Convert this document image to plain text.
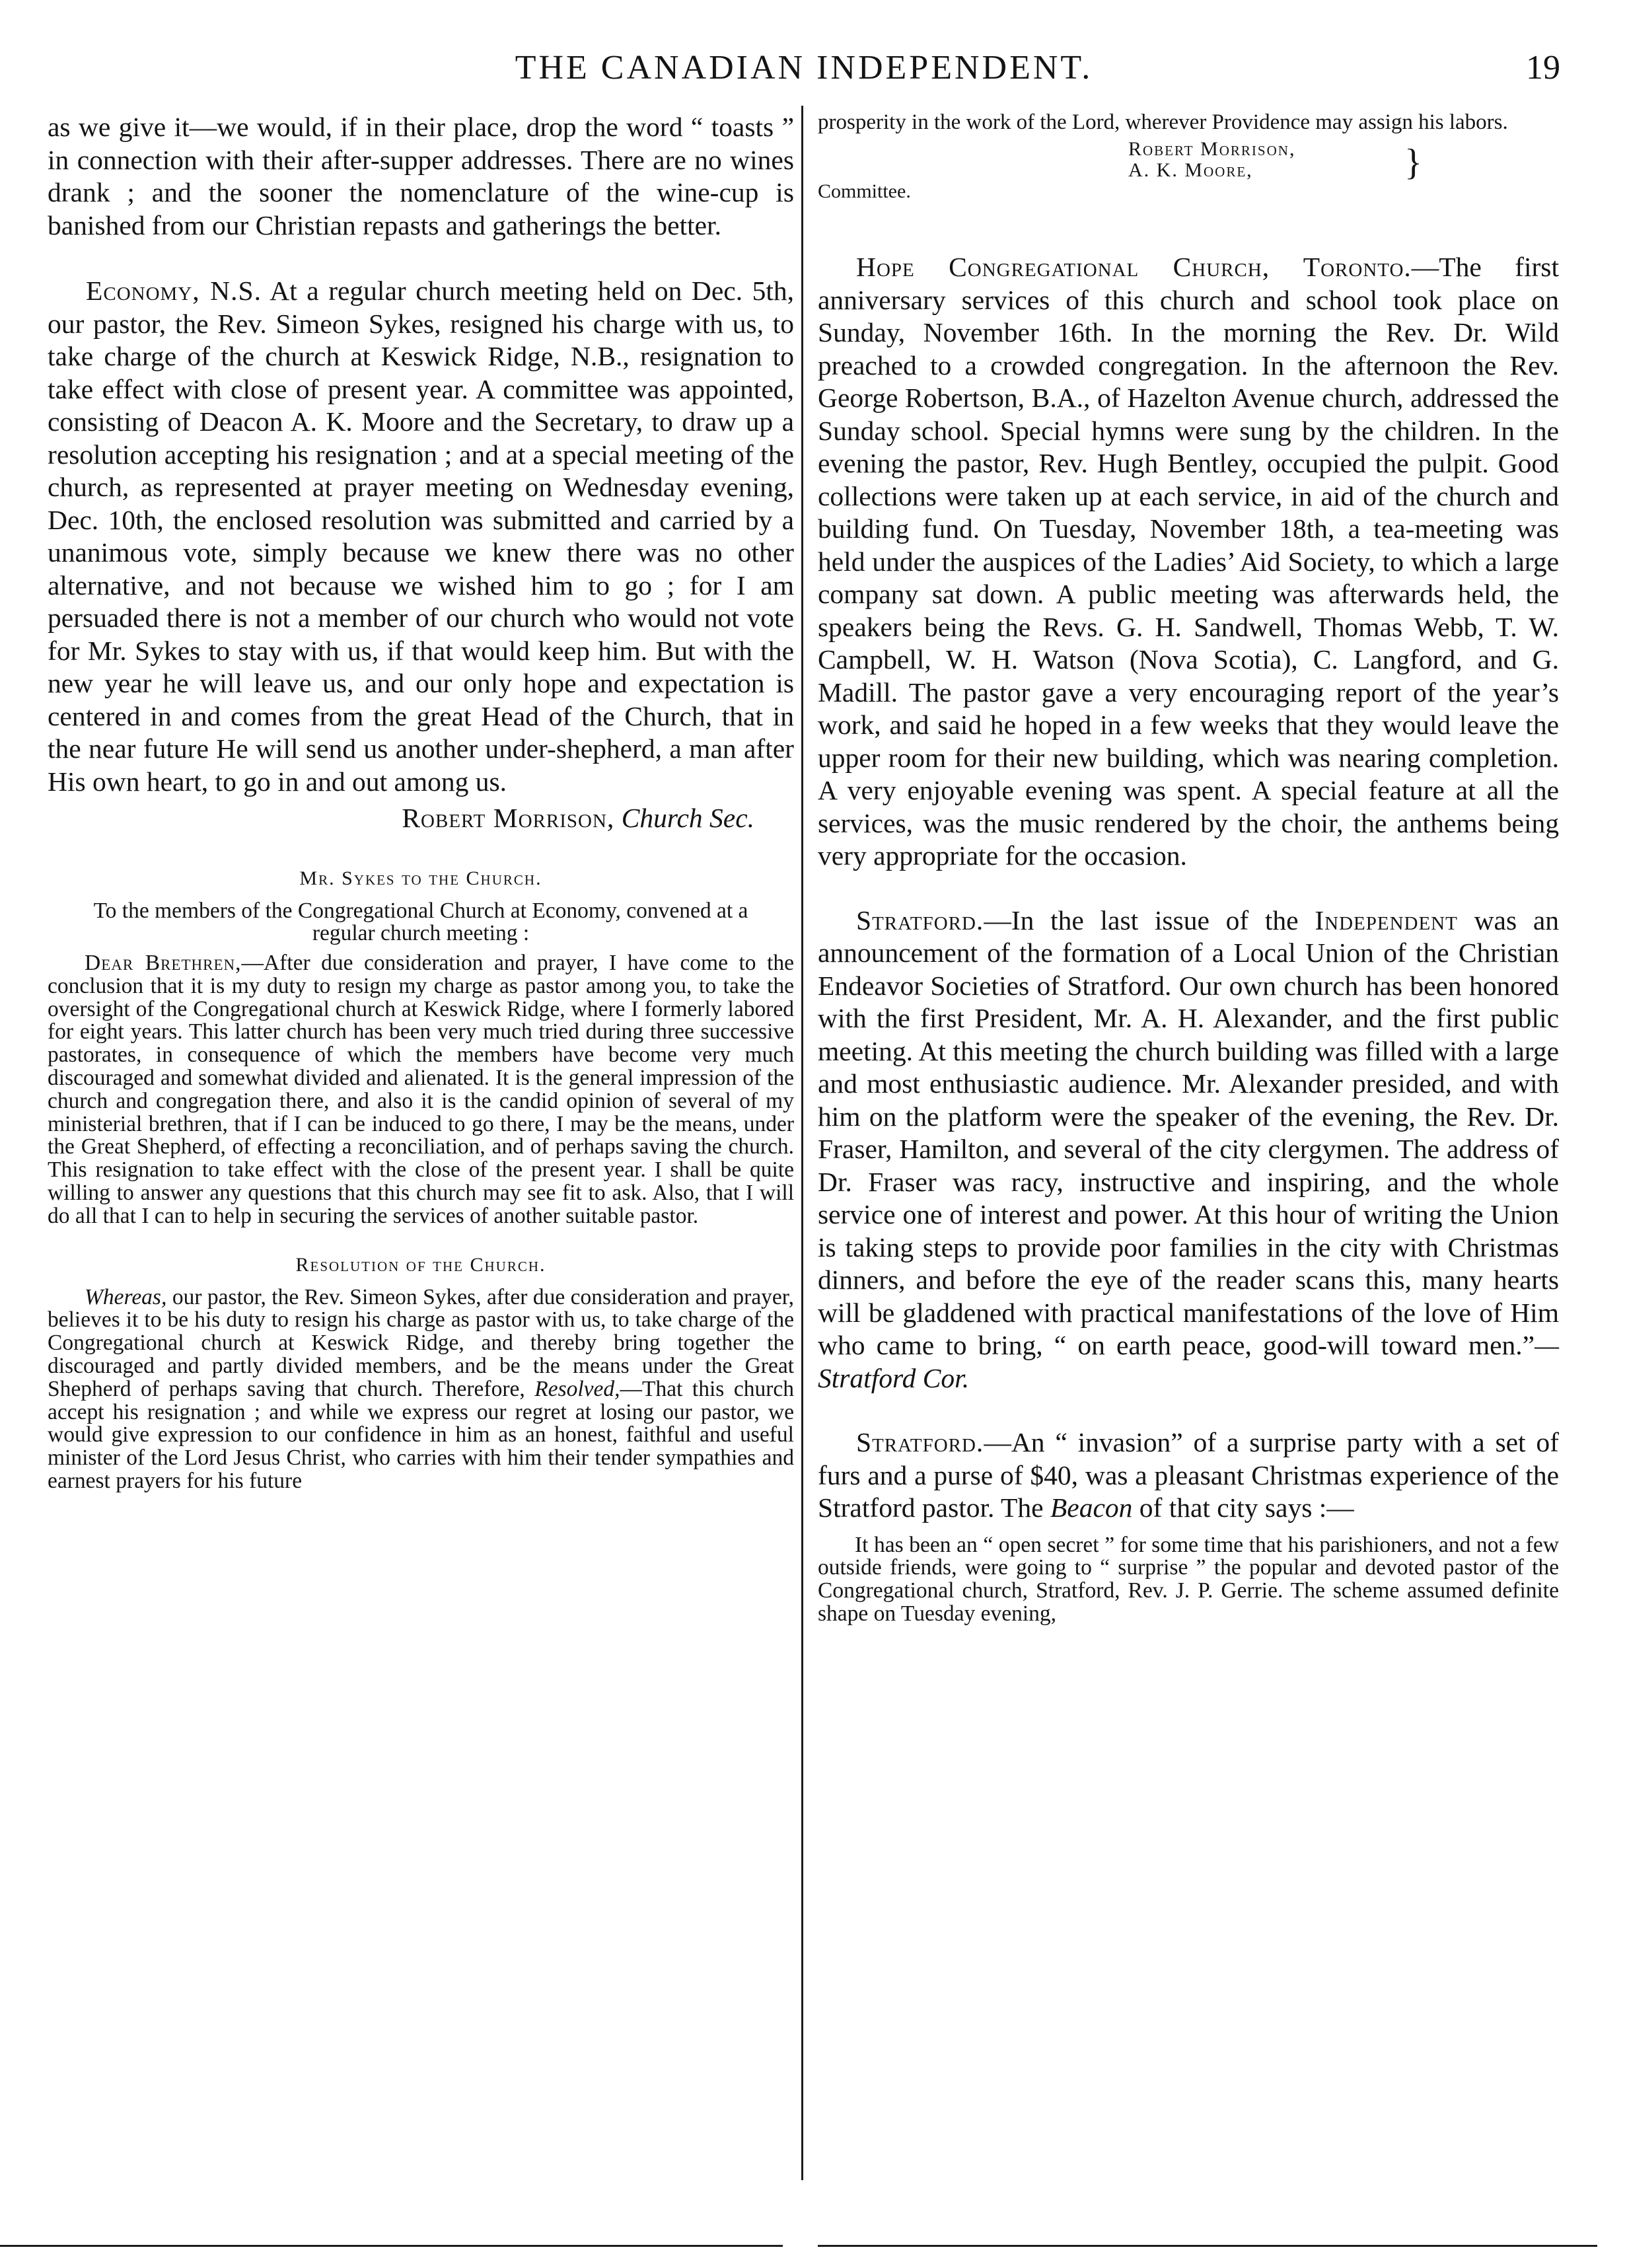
THE CANADIAN INDEPENDENT.	19

as we give it—we would, if in their place, drop the word “ toasts ” in connection with their after-supper addresses. There are no wines drank ; and the sooner the nomenclature of the wine-cup is banished from our Christian repasts and gatherings the better.

Economy, N.S. At a regular church meeting held on Dec. 5th, our pastor, the Rev. Simeon Sykes, resigned his charge with us, to take charge of the church at Keswick Ridge, N.B., resignation to take effect with close of present year. A committee was appointed, consisting of Deacon A. K. Moore and the Secretary, to draw up a resolution accepting his resignation ; and at a special meeting of the church, as represented at prayer meeting on Wednesday evening, Dec. 10th, the enclosed resolution was submitted and carried by a unanimous vote, simply because we knew there was no other alternative, and not because we wished him to go ; for I am persuaded there is not a member of our church who would not vote for Mr. Sykes to stay with us, if that would keep him. But with the new year he will leave us, and our only hope and expectation is centered in and comes from the great Head of the Church, that in the near future He will send us another under-shepherd, a man after His own heart, to go in and out among us.

Robert Morrison, Church Sec.

Mr. Sykes to the Church.

To the members of the Congregational Church at Economy, convened at a regular church meeting :

Dear Brethren,—After due consideration and prayer, I have come to the conclusion that it is my duty to resign my charge as pastor among you, to take the oversight of the Congregational church at Keswick Ridge, where I formerly labored for eight years. This latter church has been very much tried during three successive pastorates, in consequence of which the members have become very much discouraged and somewhat divided and alienated. It is the general impression of the church and congregation there, and also it is the candid opinion of several of my ministerial brethren, that if I can be induced to go there, I may be the means, under the Great Shepherd, of effecting a reconciliation, and of perhaps saving the church. This resignation to take effect with the close of the present year. I shall be quite willing to answer any questions that this church may see fit to ask. Also, that I will do all that I can to help in securing the services of another suitable pastor.

Resolution of the Church.

Whereas, our pastor, the Rev. Simeon Sykes, after due consideration and prayer, believes it to be his duty to resign his charge as pastor with us, to take charge of the Congregational church at Keswick Ridge, and thereby bring together the discouraged and partly divided members, and be the means under the Great Shepherd of perhaps saving that church. Therefore, Resolved,—That this church accept his resignation ; and while we express our regret at losing our pastor, we would give expression to our confidence in him as an honest, faithful and useful minister of the Lord Jesus Christ, who carries with him their tender sympathies and earnest prayers for his future

prosperity in the work of the Lord, wherever Providence may assign his labors.

Robert Morrison,
A. K. Moore,	}
Committee.

Hope Congregational Church, Toronto.—The first anniversary services of this church and school took place on Sunday, November 16th. In the morning the Rev. Dr. Wild preached to a crowded congregation. In the afternoon the Rev. George Robertson, B.A., of Hazelton Avenue church, addressed the Sunday school. Special hymns were sung by the children. In the evening the pastor, Rev. Hugh Bentley, occupied the pulpit. Good collections were taken up at each service, in aid of the church and building fund. On Tuesday, November 18th, a tea-meeting was held under the auspices of the Ladies’ Aid Society, to which a large company sat down. A public meeting was afterwards held, the speakers being the Revs. G. H. Sandwell, Thomas Webb, T. W. Campbell, W. H. Watson (Nova Scotia), C. Langford, and G. Madill. The pastor gave a very encouraging report of the year’s work, and said he hoped in a few weeks that they would leave the upper room for their new building, which was nearing completion. A very enjoyable evening was spent. A special feature at all the services, was the music rendered by the choir, the anthems being very appropriate for the occasion.

Stratford.—In the last issue of the Independent was an announcement of the formation of a Local Union of the Christian Endeavor Societies of Stratford. Our own church has been honored with the first President, Mr. A. H. Alexander, and the first public meeting. At this meeting the church building was filled with a large and most enthusiastic audience. Mr. Alexander presided, and with him on the platform were the speaker of the evening, the Rev. Dr. Fraser, Hamilton, and several of the city clergymen. The address of Dr. Fraser was racy, instructive and inspiring, and the whole service one of interest and power. At this hour of writing the Union is taking steps to provide poor families in the city with Christmas dinners, and before the eye of the reader scans this, many hearts will be gladdened with practical manifestations of the love of Him who came to bring, “ on earth peace, good-will toward men.”—Stratford Cor.

Stratford.—An “ invasion” of a surprise party with a set of furs and a purse of $40, was a pleasant Christmas experience of the Stratford pastor. The Beacon of that city says :—

It has been an “ open secret ” for some time that his parishioners, and not a few outside friends, were going to “ surprise ” the popular and devoted pastor of the Congregational church, Stratford, Rev. J. P. Gerrie. The scheme assumed definite shape on Tuesday evening,
